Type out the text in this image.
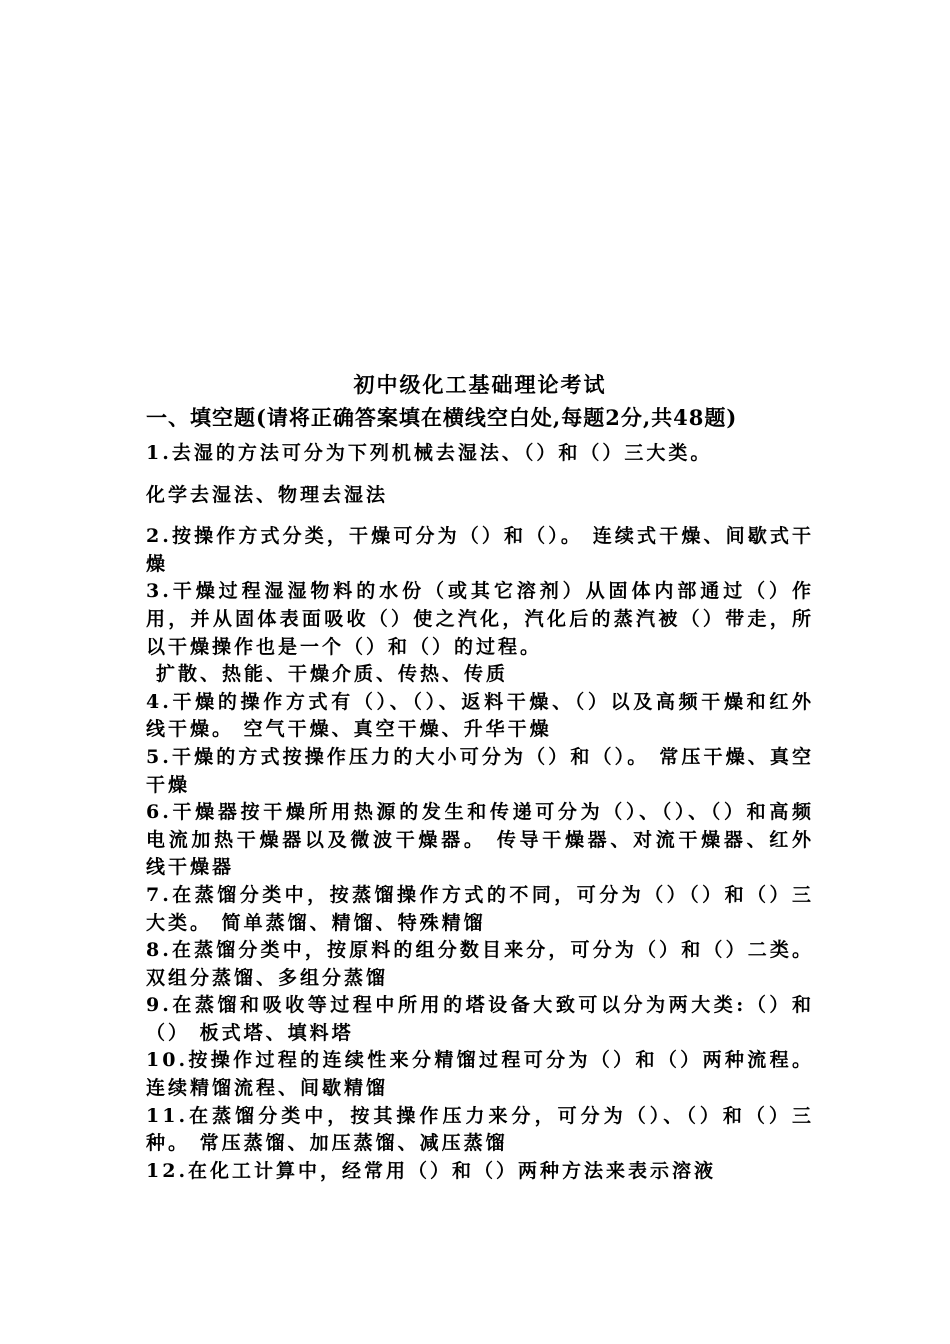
初中级化工基础理论考试
一、填空题(请将正确答案填在横线空白处,每题2分,共48题)

1.去湿的方法可分为下列机械去湿法、（）和（）三大类。

化学去湿法、物理去湿法

2.按操作方式分类，干燥可分为（）和（）。 连续式干燥、间歇式干燥

3.干燥过程湿湿物料的水份（或其它溶剂）从固体内部通过（）作用，并从固体表面吸收（）使之汽化，汽化后的蒸汽被（）带走，所以干燥操作也是一个（）和（）的过程。

扩散、热能、干燥介质、传热、传质

4.干燥的操作方式有（）、（）、返料干燥、（）以及高频干燥和红外线干燥。 空气干燥、真空干燥、升华干燥

5.干燥的方式按操作压力的大小可分为（）和（）。 常压干燥、真空干燥

6.干燥器按干燥所用热源的发生和传递可分为（）、（）、（）和高频电流加热干燥器以及微波干燥器。 传导干燥器、对流干燥器、红外线干燥器

7.在蒸馏分类中，按蒸馏操作方式的不同，可分为（）（）和（）三大类。 简单蒸馏、精馏、特殊精馏

8.在蒸馏分类中，按原料的组分数目来分，可分为（）和（）二类。 双组分蒸馏、多组分蒸馏

9.在蒸馏和吸收等过程中所用的塔设备大致可以分为两大类:（）和（） 板式塔、填料塔

10.按操作过程的连续性来分精馏过程可分为（）和（）两种流程。 连续精馏流程、间歇精馏

11.在蒸馏分类中，按其操作压力来分，可分为（）、（）和（）三种。 常压蒸馏、加压蒸馏、减压蒸馏

12.在化工计算中，经常用（）和（）两种方法来表示溶液
